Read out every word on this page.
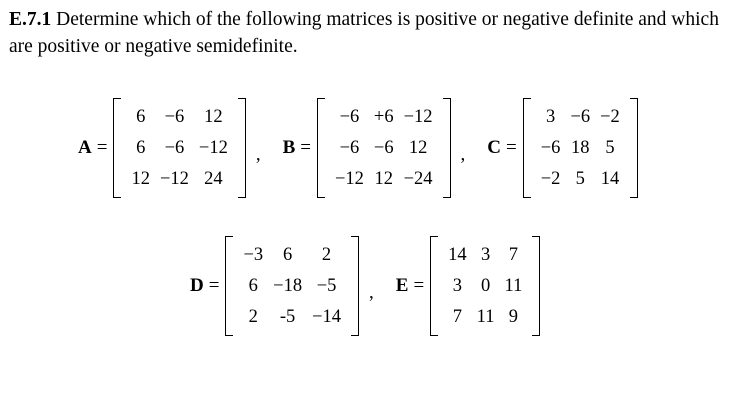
E.7.1 Determine which of the following matrices is positive or negative definite and which are positive or negative semidefinite.
A =
6	−6	12
6	−6	−12
12	−12	24
, B =
−6	+6	−12
−6	−6	12
−12	12	−24
, C =
3	−6	−2
−6	18	5
−2	5	14
D =
−3	6	2
6	−18	−5
2	-5	−14
, E =
14	3	7
3	0	11
7	11	9
